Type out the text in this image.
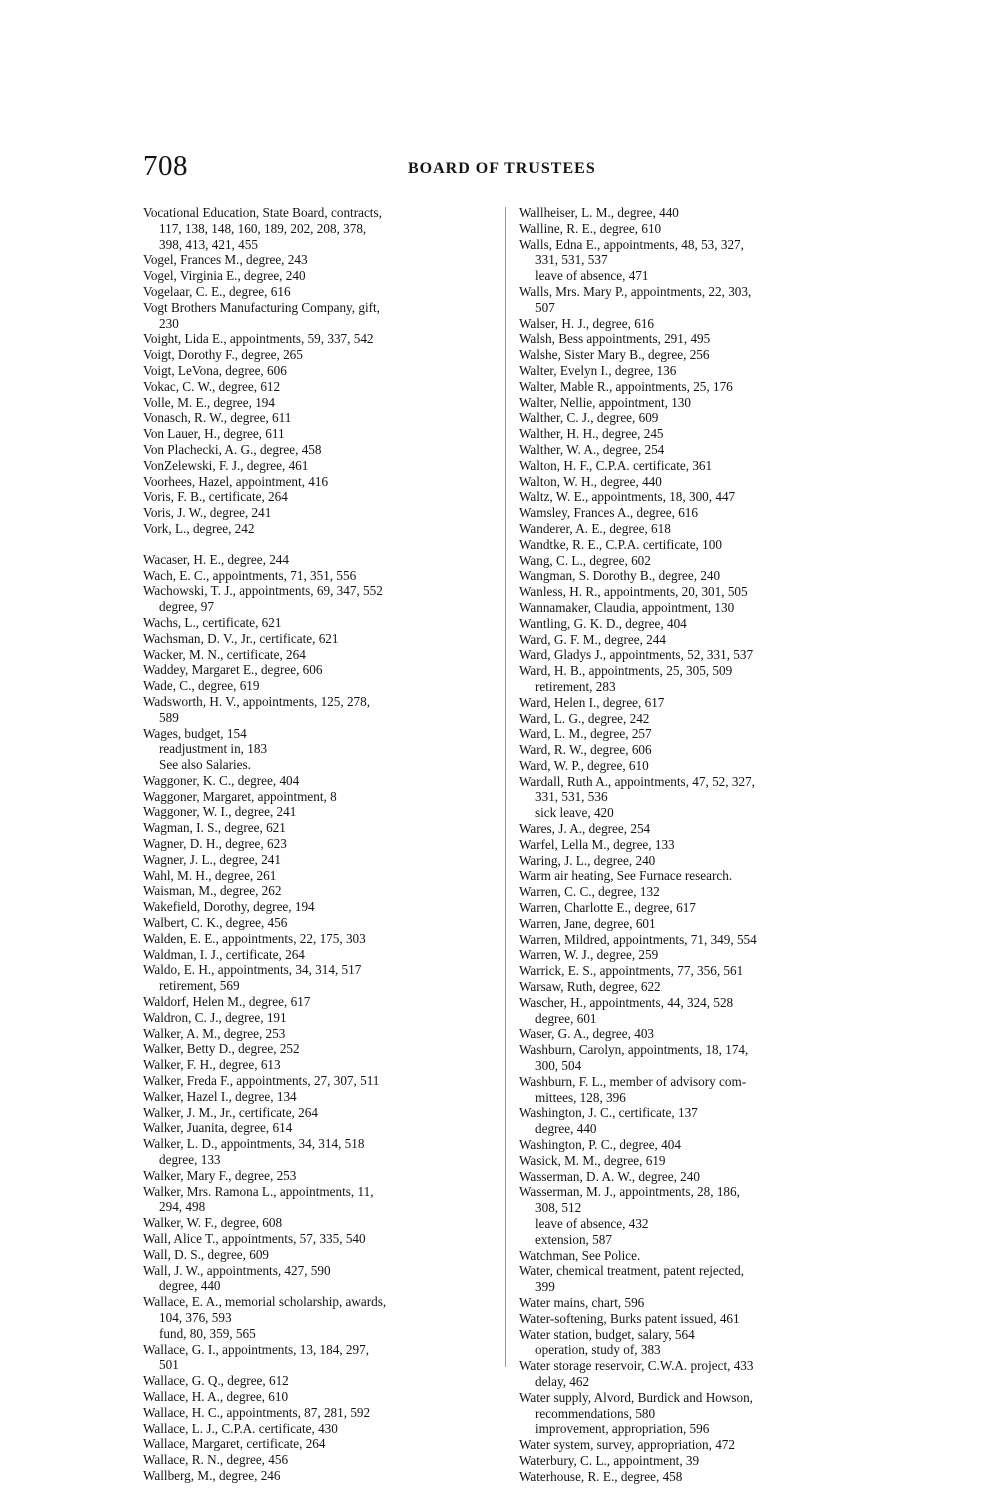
708	BOARD OF TRUSTEES
Vocational Education, State Board, contracts,
117, 138, 148, 160, 189, 202, 208, 378,
398, 413, 421, 455
Vogel, Frances M., degree, 243
Vogel, Virginia E., degree, 240
Vogelaar, C. E., degree, 616
Vogt Brothers Manufacturing Company, gift,
230
Voight, Lida E., appointments, 59, 337, 542
Voigt, Dorothy F., degree, 265
Voigt, LeVona, degree, 606
Vokac, C. W., degree, 612
Volle, M. E., degree, 194
Vonasch, R. W., degree, 611
Von Lauer, H., degree, 611
Von Plachecki, A. G., degree, 458
VonZelewski, F. J., degree, 461
Voorhees, Hazel, appointment, 416
Voris, F. B., certificate, 264
Voris, J. W., degree, 241
Vork, L., degree, 242
Wacaser, H. E., degree, 244
Wach, E. C., appointments, 71, 351, 556
Wachowski, T. J., appointments, 69, 347, 552
degree, 97
Wachs, L., certificate, 621
Wachsman, D. V., Jr., certificate, 621
Wacker, M. N., certificate, 264
Waddey, Margaret E., degree, 606
Wade, C., degree, 619
Wadsworth, H. V., appointments, 125, 278,
589
Wages, budget, 154
readjustment in, 183
See also Salaries.
Waggoner, K. C., degree, 404
Waggoner, Margaret, appointment, 8
Waggoner, W. I., degree, 241
Wagman, I. S., degree, 621
Wagner, D. H., degree, 623
Wagner, J. L., degree, 241
Wahl, M. H., degree, 261
Waisman, M., degree, 262
Wakefield, Dorothy, degree, 194
Walbert, C. K., degree, 456
Walden, E. E., appointments, 22, 175, 303
Waldman, I. J., certificate, 264
Waldo, E. H., appointments, 34, 314, 517
retirement, 569
Waldorf, Helen M., degree, 617
Waldron, C. J., degree, 191
Walker, A. M., degree, 253
Walker, Betty D., degree, 252
Walker, F. H., degree, 613
Walker, Freda F., appointments, 27, 307, 511
Walker, Hazel I., degree, 134
Walker, J. M., Jr., certificate, 264
Walker, Juanita, degree, 614
Walker, L. D., appointments, 34, 314, 518
degree, 133
Walker, Mary F., degree, 253
Walker, Mrs. Ramona L., appointments, 11,
294, 498
Walker, W. F., degree, 608
Wall, Alice T., appointments, 57, 335, 540
Wall, D. S., degree, 609
Wall, J. W., appointments, 427, 590
degree, 440
Wallace, E. A., memorial scholarship, awards,
104, 376, 593
fund, 80, 359, 565
Wallace, G. I., appointments, 13, 184, 297,
501
Wallace, G. Q., degree, 612
Wallace, H. A., degree, 610
Wallace, H. C., appointments, 87, 281, 592
Wallace, L. J., C.P.A. certificate, 430
Wallace, Margaret, certificate, 264
Wallace, R. N., degree, 456
Wallberg, M., degree, 246
Wallheiser, L. M., degree, 440
Walline, R. E., degree, 610
Walls, Edna E., appointments, 48, 53, 327,
331, 531, 537
leave of absence, 471
Walls, Mrs. Mary P., appointments, 22, 303,
507
Walser, H. J., degree, 616
Walsh, Bess appointments, 291, 495
Walshe, Sister Mary B., degree, 256
Walter, Evelyn I., degree, 136
Walter, Mable R., appointments, 25, 176
Walter, Nellie, appointment, 130
Walther, C. J., degree, 609
Walther, H. H., degree, 245
Walther, W. A., degree, 254
Walton, H. F., C.P.A. certificate, 361
Walton, W. H., degree, 440
Waltz, W. E., appointments, 18, 300, 447
Wamsley, Frances A., degree, 616
Wanderer, A. E., degree, 618
Wandtke, R. E., C.P.A. certificate, 100
Wang, C. L., degree, 602
Wangman, S. Dorothy B., degree, 240
Wanless, H. R., appointments, 20, 301, 505
Wannamaker, Claudia, appointment, 130
Wantling, G. K. D., degree, 404
Ward, G. F. M., degree, 244
Ward, Gladys J., appointments, 52, 331, 537
Ward, H. B., appointments, 25, 305, 509
retirement, 283
Ward, Helen I., degree, 617
Ward, L. G., degree, 242
Ward, L. M., degree, 257
Ward, R. W., degree, 606
Ward, W. P., degree, 610
Wardall, Ruth A., appointments, 47, 52, 327,
331, 531, 536
sick leave, 420
Wares, J. A., degree, 254
Warfel, Lella M., degree, 133
Waring, J. L., degree, 240
Warm air heating, See Furnace research.
Warren, C. C., degree, 132
Warren, Charlotte E., degree, 617
Warren, Jane, degree, 601
Warren, Mildred, appointments, 71, 349, 554
Warren, W. J., degree, 259
Warrick, E. S., appointments, 77, 356, 561
Warsaw, Ruth, degree, 622
Wascher, H., appointments, 44, 324, 528
degree, 601
Waser, G. A., degree, 403
Washburn, Carolyn, appointments, 18, 174,
300, 504
Washburn, F. L., member of advisory com-
mittees, 128, 396
Washington, J. C., certificate, 137
degree, 440
Washington, P. C., degree, 404
Wasick, M. M., degree, 619
Wasserman, D. A. W., degree, 240
Wasserman, M. J., appointments, 28, 186,
308, 512
leave of absence, 432
extension, 587
Watchman, See Police.
Water, chemical treatment, patent rejected,
399
Water mains, chart, 596
Water-softening, Burks patent issued, 461
Water station, budget, salary, 564
operation, study of, 383
Water storage reservoir, C.W.A. project, 433
delay, 462
Water supply, Alvord, Burdick and Howson,
recommendations, 580
improvement, appropriation, 596
Water system, survey, appropriation, 472
Waterbury, C. L., appointment, 39
Waterhouse, R. E., degree, 458
